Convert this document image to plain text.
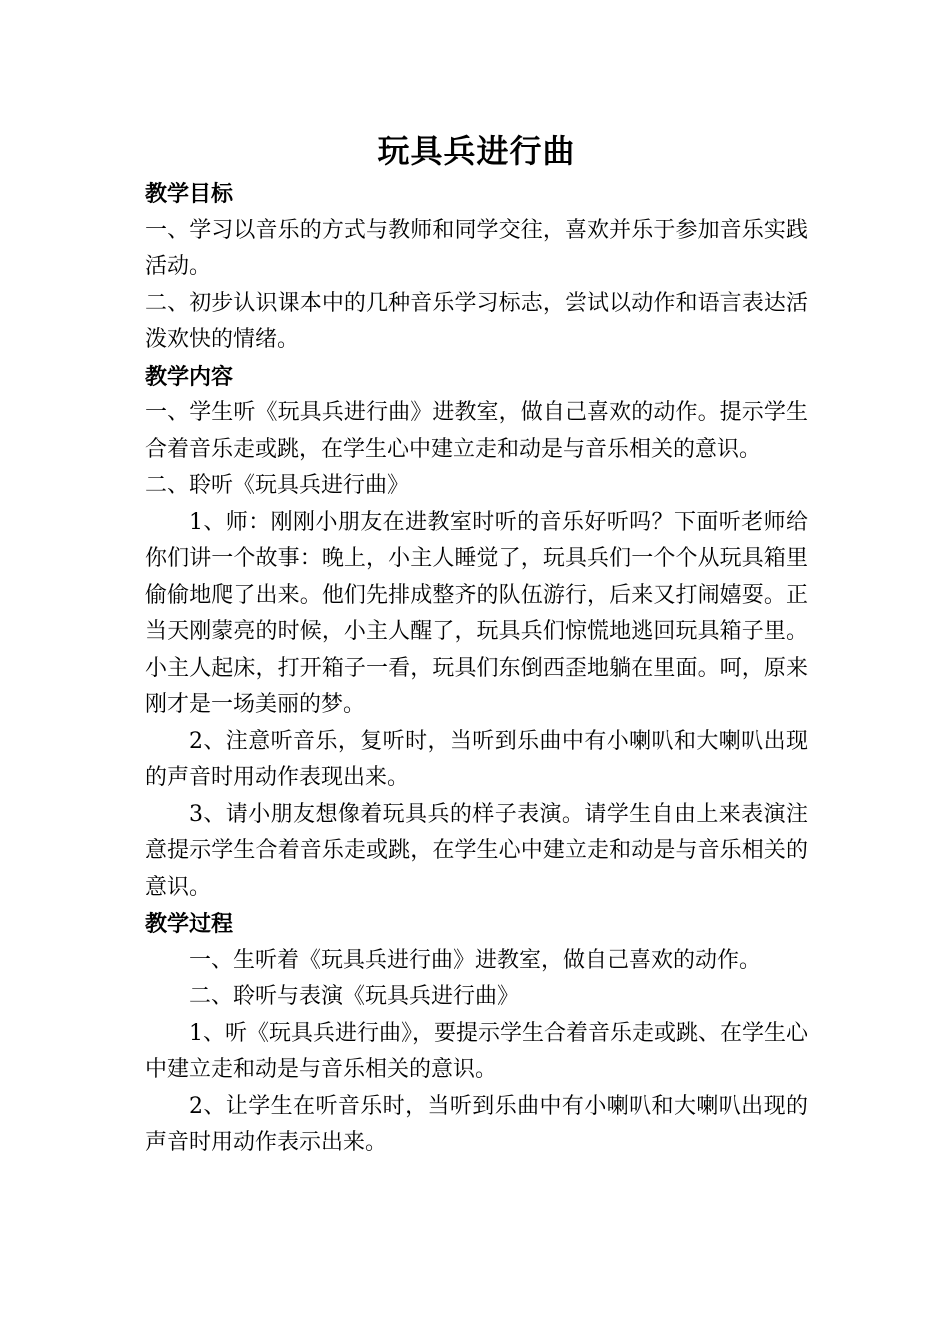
玩具兵进行曲

教学目标

一、学习以音乐的方式与教师和同学交往，喜欢并乐于参加音乐实践活动。

二、初步认识课本中的几种音乐学习标志，尝试以动作和语言表达活泼欢快的情绪。

教学内容

一、学生听《玩具兵进行曲》进教室，做自己喜欢的动作。提示学生合着音乐走或跳，在学生心中建立走和动是与音乐相关的意识。

二、聆听《玩具兵进行曲》

1、师：刚刚小朋友在进教室时听的音乐好听吗？下面听老师给你们讲一个故事：晚上，小主人睡觉了，玩具兵们一个个从玩具箱里偷偷地爬了出来。他们先排成整齐的队伍游行，后来又打闹嬉耍。正当天刚蒙亮的时候，小主人醒了，玩具兵们惊慌地逃回玩具箱子里。小主人起床，打开箱子一看，玩具们东倒西歪地躺在里面。呵，原来刚才是一场美丽的梦。

2、注意听音乐，复听时，当听到乐曲中有小喇叭和大喇叭出现的声音时用动作表现出来。

3、请小朋友想像着玩具兵的样子表演。请学生自由上来表演注意提示学生合着音乐走或跳，在学生心中建立走和动是与音乐相关的意识。

教学过程

一、生听着《玩具兵进行曲》进教室，做自己喜欢的动作。

二、聆听与表演《玩具兵进行曲》

1、听《玩具兵进行曲》，要提示学生合着音乐走或跳、在学生心中建立走和动是与音乐相关的意识。

2、让学生在听音乐时，当听到乐曲中有小喇叭和大喇叭出现的声音时用动作表示出来。
